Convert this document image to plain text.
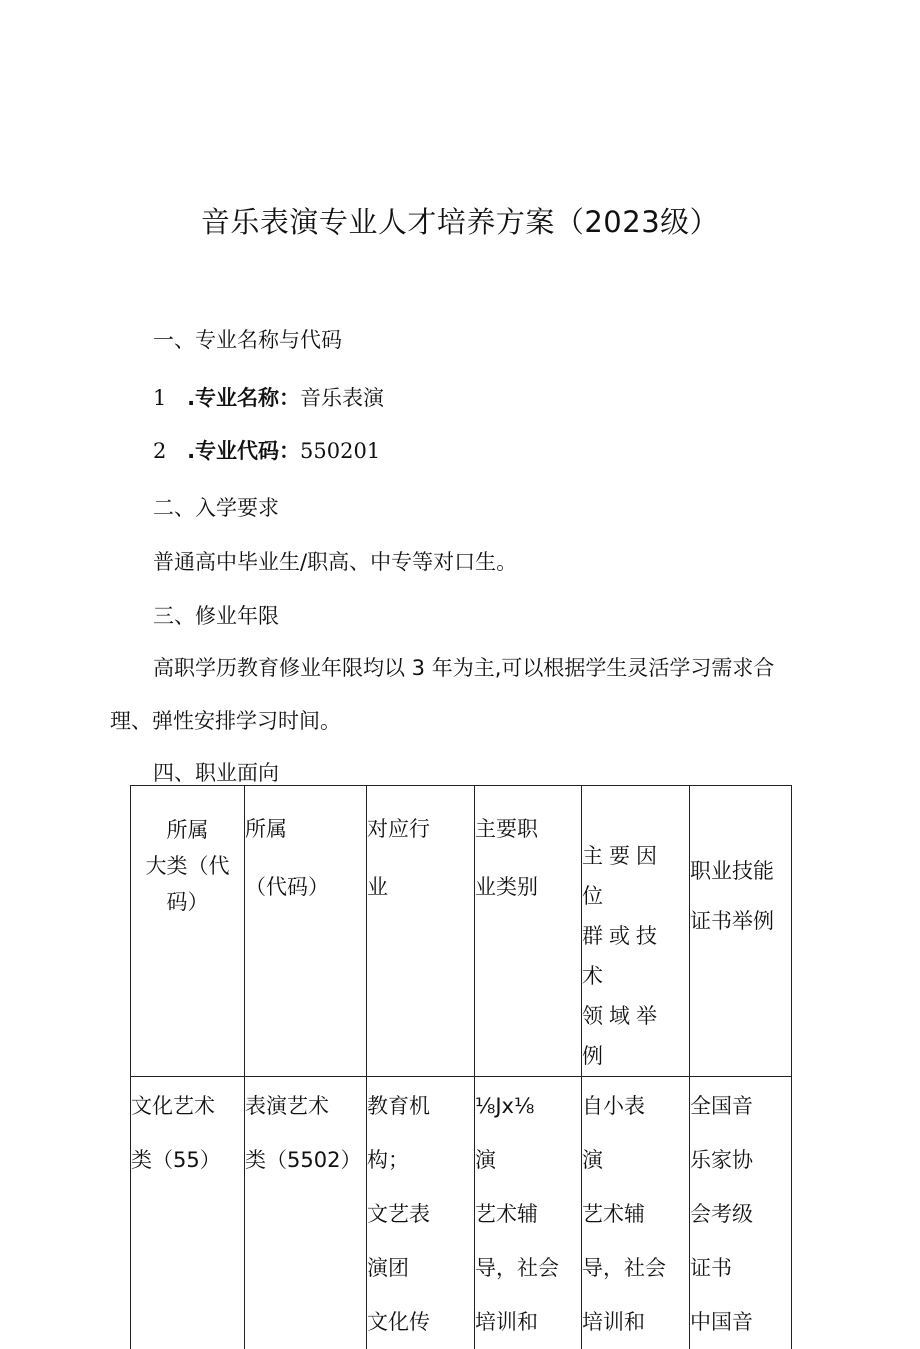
音乐表演专业人才培养方案（2023级）

一、专业名称与代码

1 .专业名称：音乐表演

2 .专业代码：550201

二、入学要求

普通高中毕业生/职高、中专等对口生。

三、修业年限

高职学历教育修业年限均以 3 年为主,可以根据学生灵活学习需求合

理、弹性安排学习时间。

四、职业面向

所属
大类（代
码）	所属
（代码）	对应行
业	主要职
业类别	主要因位
群或技术
领域举例	职业技能
证书举例

文化艺术
类（55）	表演艺术
类（5502）	教育机
构；
文艺表
演团
文化传	⅛Jx⅛
演
艺术辅
导，社会
培训和	自小表
演
艺术辅
导，社会
培训和	全国音
乐家协
会考级
证书
中国音
